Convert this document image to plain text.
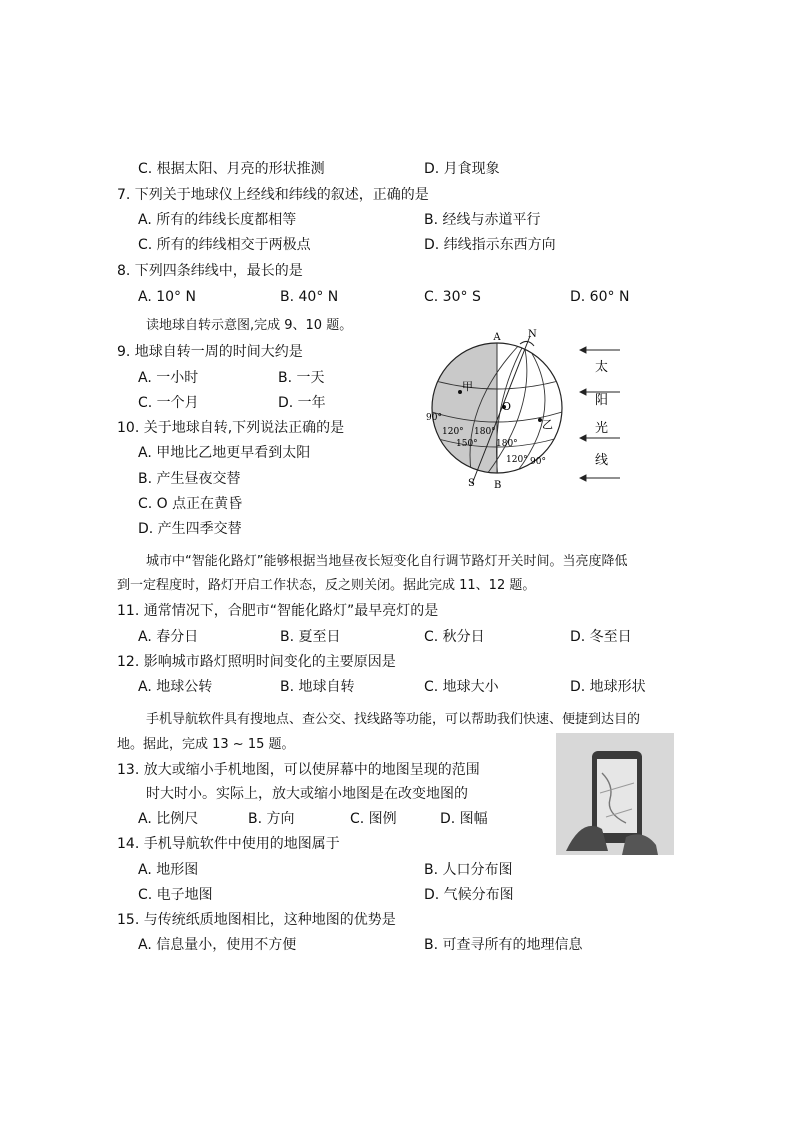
C. 根据太阳、月亮的形状推测	D. 月食现象
7. 下列关于地球仪上经线和纬线的叙述，正确的是
A. 所有的纬线长度都相等	B. 经线与赤道平行
C. 所有的纬线相交于两极点	D. 纬线指示东西方向
8. 下列四条纬线中，最长的是
A. 10° N	B. 40° N	C. 30° S	D. 60° N
读地球自转示意图,完成 9、10 题。
9. 地球自转一周的时间大约是
A. 一小时	B. 一天
C. 一个月	D. 一年
10. 关于地球自转,下列说法正确的是
A. 甲地比乙地更早看到太阳
B. 产生昼夜交替
C. O 点正在黄昏
D. 产生四季交替
A	N
S B
O
甲
乙
90°
120° 180°
150° 180°
120° 90°
太
阳
光
线
城市中“智能化路灯”能够根据当地昼夜长短变化自行调节路灯开关时间。当亮度降低
到一定程度时，路灯开启工作状态，反之则关闭。据此完成 11、12 题。
11. 通常情况下，合肥市“智能化路灯”最早亮灯的是
A. 春分日	B. 夏至日	C. 秋分日	D. 冬至日
12. 影响城市路灯照明时间变化的主要原因是
A. 地球公转	B. 地球自转	C. 地球大小	D. 地球形状
手机导航软件具有搜地点、查公交、找线路等功能，可以帮助我们快速、便捷到达目的
地。据此，完成 13 ~ 15 题。
13. 放大或缩小手机地图，可以使屏幕中的地图呈现的范围
时大时小。实际上，放大或缩小地图是在改变地图的
A. 比例尺	B. 方向	C. 图例	D. 图幅
14. 手机导航软件中使用的地图属于
A. 地形图	B. 人口分布图
C. 电子地图	D. 气候分布图
15. 与传统纸质地图相比，这种地图的优势是
A. 信息量小，使用不方便	B. 可查寻所有的地理信息
